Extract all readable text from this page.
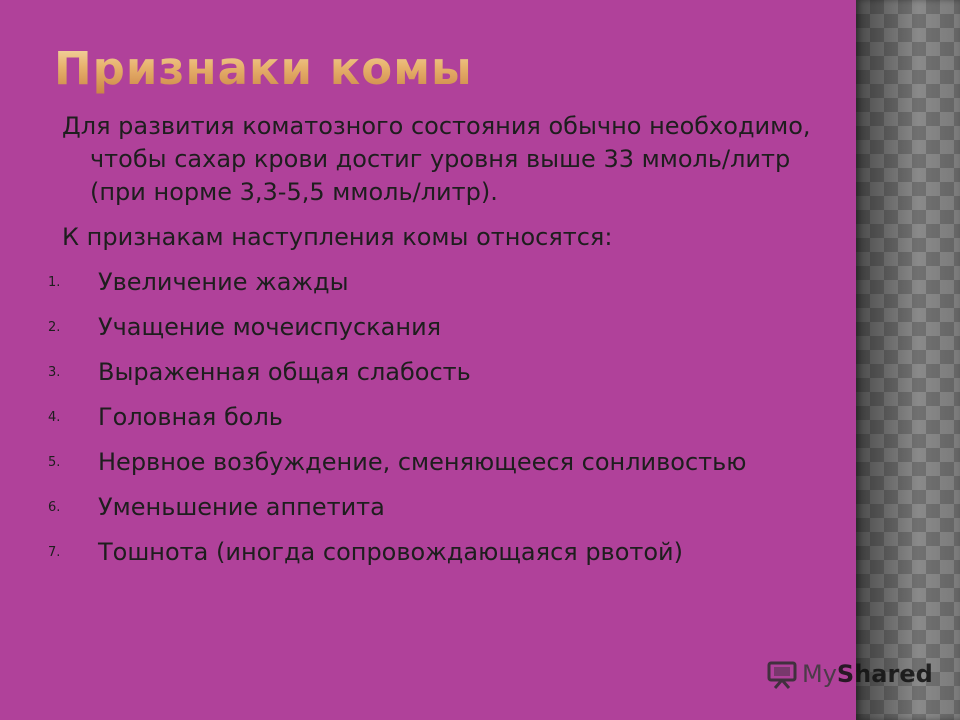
Признаки комы

Для развития коматозного состояния обычно необходимо, чтобы сахар крови достиг уровня выше 33 ммоль/литр (при норме 3,3-5,5 ммоль/литр).

К признакам наступления комы относятся:

1.	Увеличение жажды
2.	Учащение мочеиспускания
3.	Выраженная общая слабость
4.	Головная боль
5.	Нервное возбуждение, сменяющееся сонливостью
6.	Уменьшение аппетита
7.	Тошнота (иногда сопровождающаяся рвотой)
My Shared
